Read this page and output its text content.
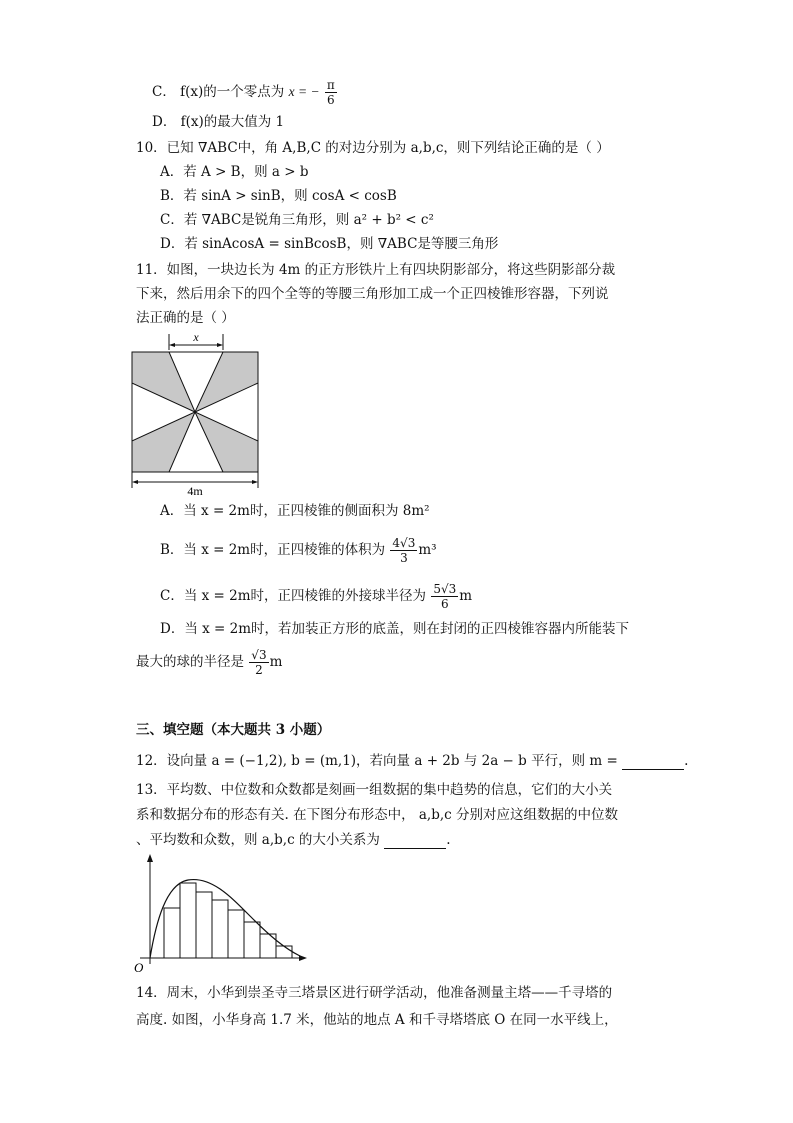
C． f(x)的一个零点为 x = − $\frac{\pi}{6}$
D． f(x)的最大值为 1
10．已知 ∇ABC中，角 A,B,C 的对边分别为 a,b,c，则下列结论正确的是（ ）
A．若 A > B，则 a > b
B．若 sinA > sinB，则 cosA < cosB
C．若 ∇ABC是锐角三角形，则 a² + b² < c²
D．若 sinAcosA = sinBcosB，则 ∇ABC是等腰三角形
11．如图，一块边长为 4m 的正方形铁片上有四块阴影部分，将这些阴影部分裁
下来，然后用余下的四个全等的等腰三角形加工成一个正四棱锥形容器，下列说
法正确的是（ ）
x
4m
A．当 x = 2m时，正四棱锥的侧面积为 8m²
B．当 x = 2m时，正四棱锥的体积为 $\frac{4√3}{3} m^3$
C．当 x = 2m时，正四棱锥的外接球半径为 $\frac{5√3}{6}$ m
D．当 x = 2m时，若加装正方形的底盖，则在封闭的正四棱锥容器内所能装下
最大的球的半径是 $\frac{√3}{2}$ m
三、填空题（本大题共 3 小题）
12．设向量 a = (−1,2), b = (m,1)，若向量 a + 2b 与 2a − b 平行，则 m =	.
13．平均数、中位数和众数都是刻画一组数据的集中趋势的信息，它们的大小关
系和数据分布的形态有关. 在下图分布形态中， a,b,c 分别对应这组数据的中位数
、平均数和众数，则 a,b,c 的大小关系为	.
O
14．周末，小华到崇圣寺三塔景区进行研学活动，他准备测量主塔——千寻塔的
高度. 如图，小华身高 1.7 米，他站的地点 A 和千寻塔塔底 O 在同一水平线上，
